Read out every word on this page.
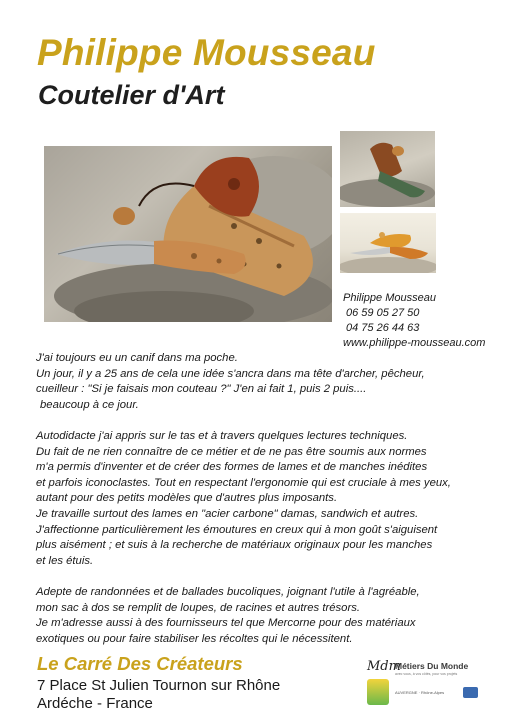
Philippe Mousseau
Coutelier d'Art
Philippe Mousseau
06 59 05 27 50
04 75 26 44 63
www.philippe-mousseau.com

J'ai toujours eu un canif dans ma poche.
Un jour, il y a 25 ans de cela une idée s'ancra dans ma tête d'archer, pêcheur,
cueilleur : "Si je faisais mon couteau ?" J'en ai fait 1, puis 2 puis....
beaucoup à ce jour.

Autodidacte j'ai appris sur le tas et à travers quelques lectures techniques.
Du fait de ne rien connaître de ce métier et de ne pas être soumis aux normes
m'a permis d'inventer et de créer des formes de lames et de manches inédites
et parfois iconoclastes. Tout en respectant l'ergonomie qui est cruciale à mes yeux,
autant pour des petits modèles que d'autres plus imposants.
Je travaille surtout des lames en "acier carbone" damas, sandwich et autres.
J'affectionne particulièrement les émoutures en creux qui à mon goût s'aiguisent
plus aisément ; et suis à la recherche de matériaux originaux pour les manches
et les étuis.

Adepte de randonnées et de ballades bucoliques, joignant l'utile à l'agréable,
mon sac à dos se remplit de loupes, de racines et autres trésors.
Je m'adresse aussi à des fournisseurs tel que Mercorne pour des matériaux
exotiques ou pour faire stabiliser les récoltes qui le nécessitent.

Le Carré Des Créateurs
7 Place St Julien Tournon sur Rhône
Ardéche - France
Mdm
Métiers Du Monde
avec vous, à vos côtés, pour vos projets
AUVERGNE · Rhône-Alpes
